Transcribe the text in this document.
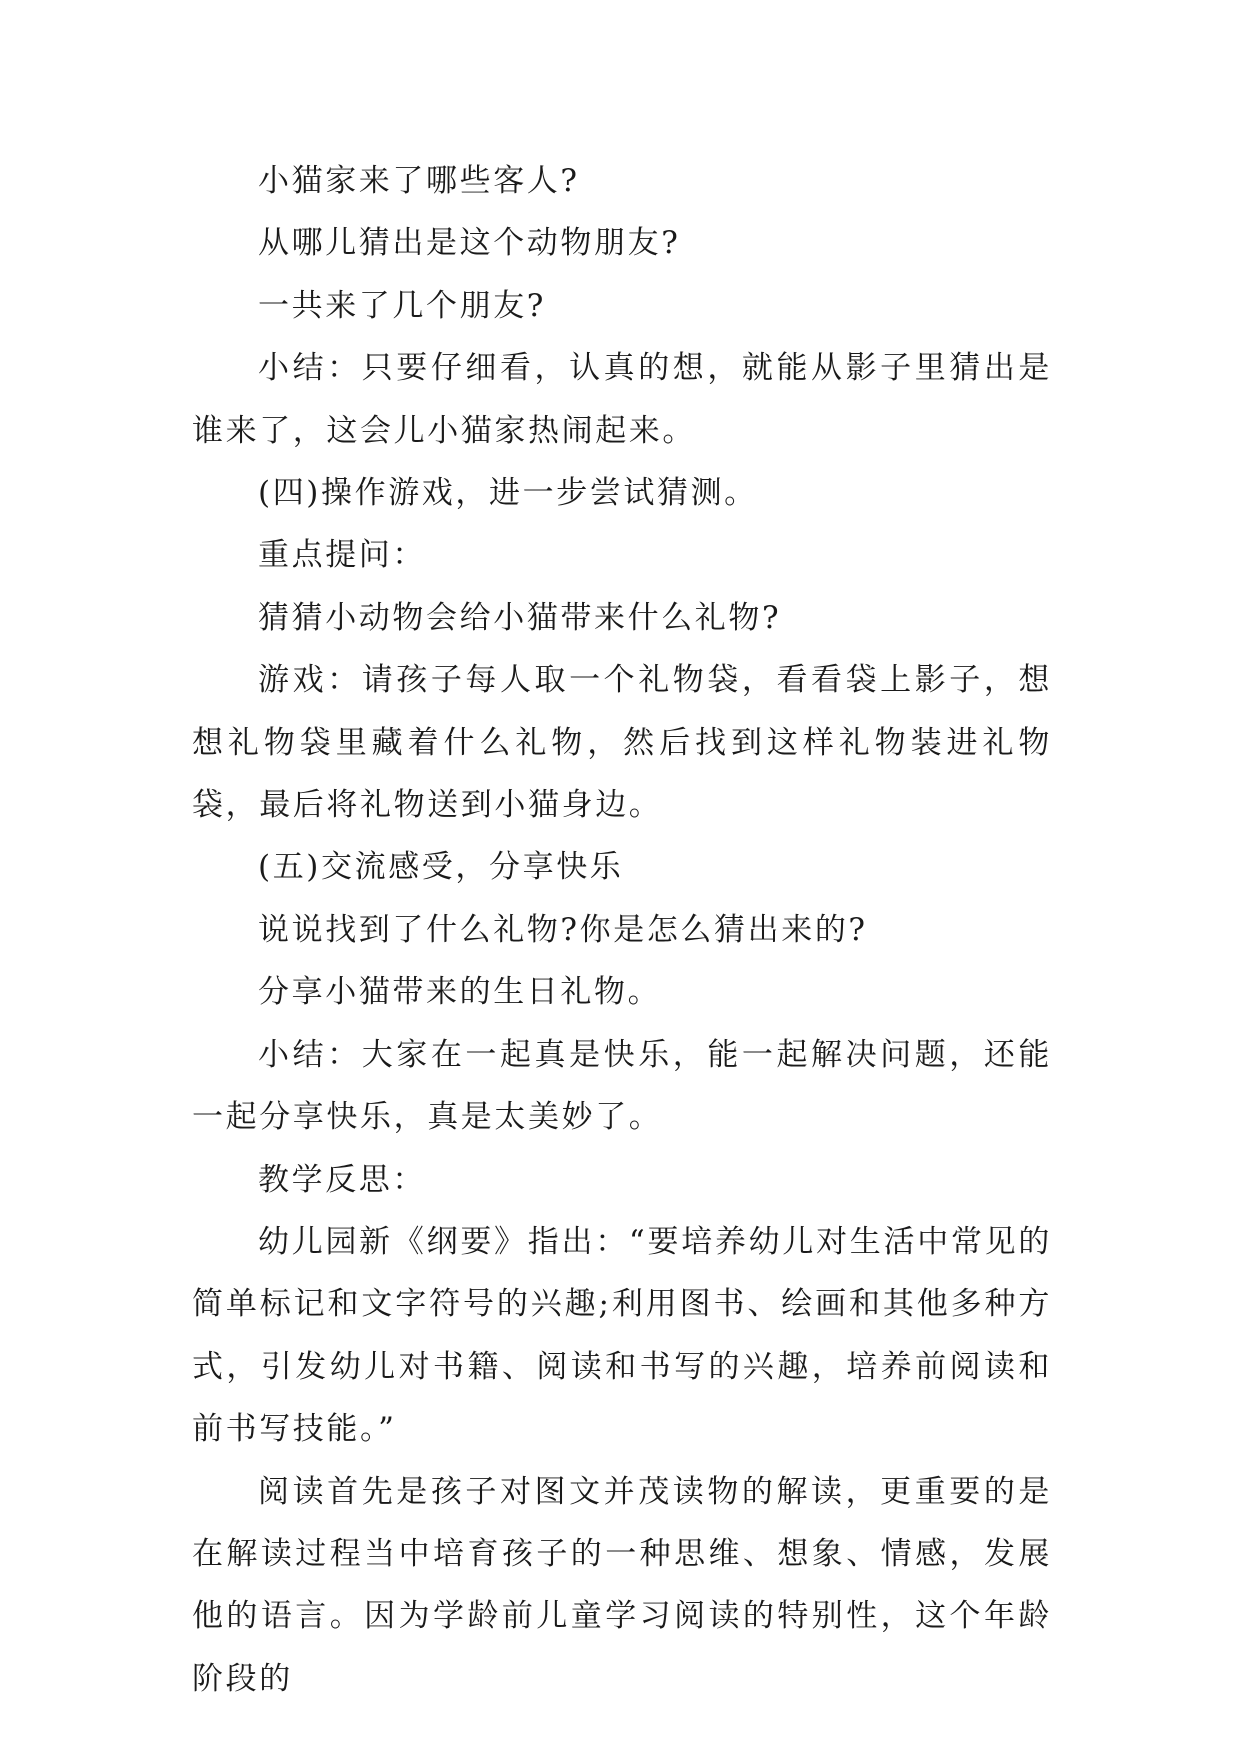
小猫家来了哪些客人?

从哪儿猜出是这个动物朋友?

一共来了几个朋友?

小结：只要仔细看，认真的想，就能从影子里猜出是谁来了，这会儿小猫家热闹起来。

(四)操作游戏，进一步尝试猜测。

重点提问：

猜猜小动物会给小猫带来什么礼物?

游戏：请孩子每人取一个礼物袋，看看袋上影子，想想礼物袋里藏着什么礼物，然后找到这样礼物装进礼物袋，最后将礼物送到小猫身边。

(五)交流感受，分享快乐

说说找到了什么礼物?你是怎么猜出来的?

分享小猫带来的生日礼物。

小结：大家在一起真是快乐，能一起解决问题，还能一起分享快乐，真是太美妙了。

教学反思：

幼儿园新《纲要》指出：“要培养幼儿对生活中常见的简单标记和文字符号的兴趣;利用图书、绘画和其他多种方式，引发幼儿对书籍、阅读和书写的兴趣，培养前阅读和前书写技能。”

阅读首先是孩子对图文并茂读物的解读，更重要的是在解读过程当中培育孩子的一种思维、想象、情感，发展他的语言。因为学龄前儿童学习阅读的特别性，这个年龄阶段的
